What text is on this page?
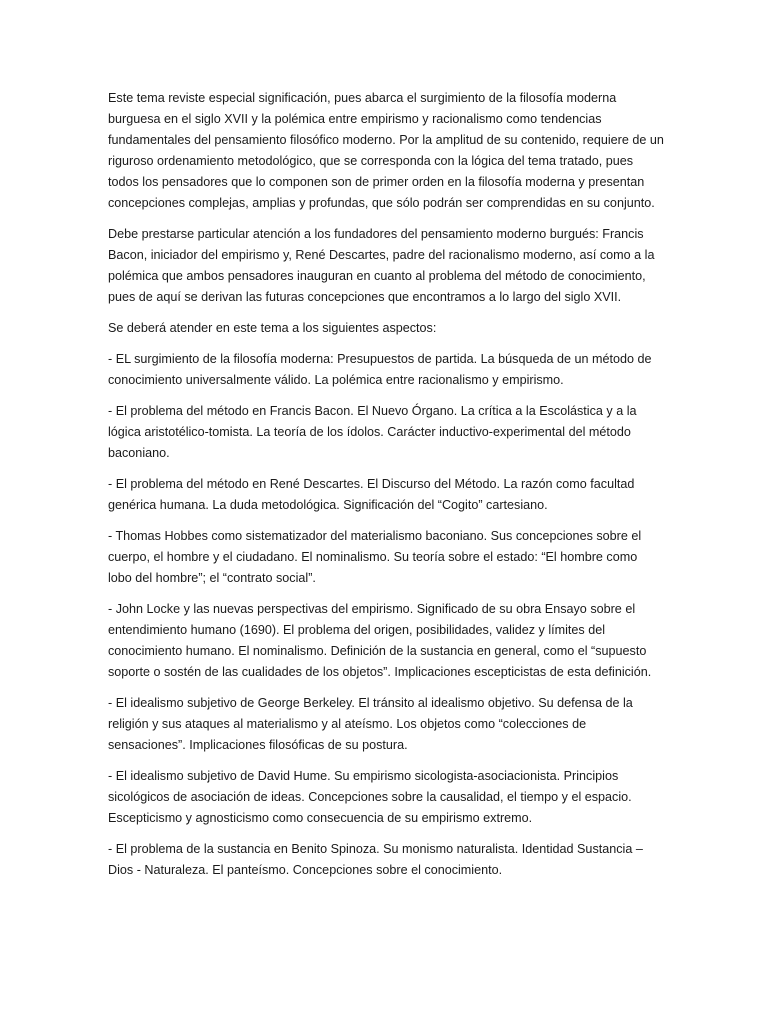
Este tema reviste especial significación, pues abarca el surgimiento de la filosofía moderna burguesa en el siglo XVII y la polémica entre empirismo y racionalismo como tendencias fundamentales del pensamiento filosófico moderno. Por la amplitud de su contenido, requiere de un riguroso ordenamiento metodológico, que se corresponda con la lógica del tema tratado, pues todos los pensadores que lo componen son de primer orden en la filosofía moderna y presentan concepciones complejas, amplias y profundas, que sólo podrán ser comprendidas en su conjunto.

Debe prestarse particular atención a los fundadores del pensamiento moderno burgués: Francis Bacon, iniciador del empirismo y, René Descartes, padre del racionalismo moderno, así como a la polémica que ambos pensadores inauguran en cuanto al problema del método de conocimiento, pues de aquí se derivan las futuras concepciones que encontramos a lo largo del siglo XVII.

Se deberá atender en este tema a los siguientes aspectos:

- EL surgimiento de la filosofía moderna: Presupuestos de partida. La búsqueda de un método de conocimiento universalmente válido. La polémica entre racionalismo y empirismo.

- El problema del método en Francis Bacon. El Nuevo Órgano. La crítica a la Escolástica y a la lógica aristotélico-tomista. La teoría de los ídolos. Carácter inductivo-experimental del método baconiano.

- El problema del método en René Descartes. El Discurso del Método. La razón como facultad genérica humana. La duda metodológica. Significación del “Cogito” cartesiano.

- Thomas Hobbes como sistematizador del materialismo baconiano. Sus concepciones sobre el cuerpo, el hombre y el ciudadano. El nominalismo. Su teoría sobre el estado: “El hombre como lobo del hombre”; el “contrato social”.

- John Locke y las nuevas perspectivas del empirismo. Significado de su obra Ensayo sobre el entendimiento humano (1690). El problema del origen, posibilidades, validez y límites del conocimiento humano. El nominalismo. Definición de la sustancia en general, como el “supuesto soporte o sostén de las cualidades de los objetos”. Implicaciones escepticistas de esta definición.

- El idealismo subjetivo de George Berkeley. El tránsito al idealismo objetivo. Su defensa de la religión y sus ataques al materialismo y al ateísmo. Los objetos como “colecciones de sensaciones”. Implicaciones filosóficas de su postura.

- El idealismo subjetivo de David Hume. Su empirismo sicologista-asociacionista. Principios sicológicos de asociación de ideas. Concepciones sobre la causalidad, el tiempo y el espacio. Escepticismo y agnosticismo como consecuencia de su empirismo extremo.

- El problema de la sustancia en Benito Spinoza. Su monismo naturalista. Identidad Sustancia – Dios - Naturaleza. El panteísmo. Concepciones sobre el conocimiento.
